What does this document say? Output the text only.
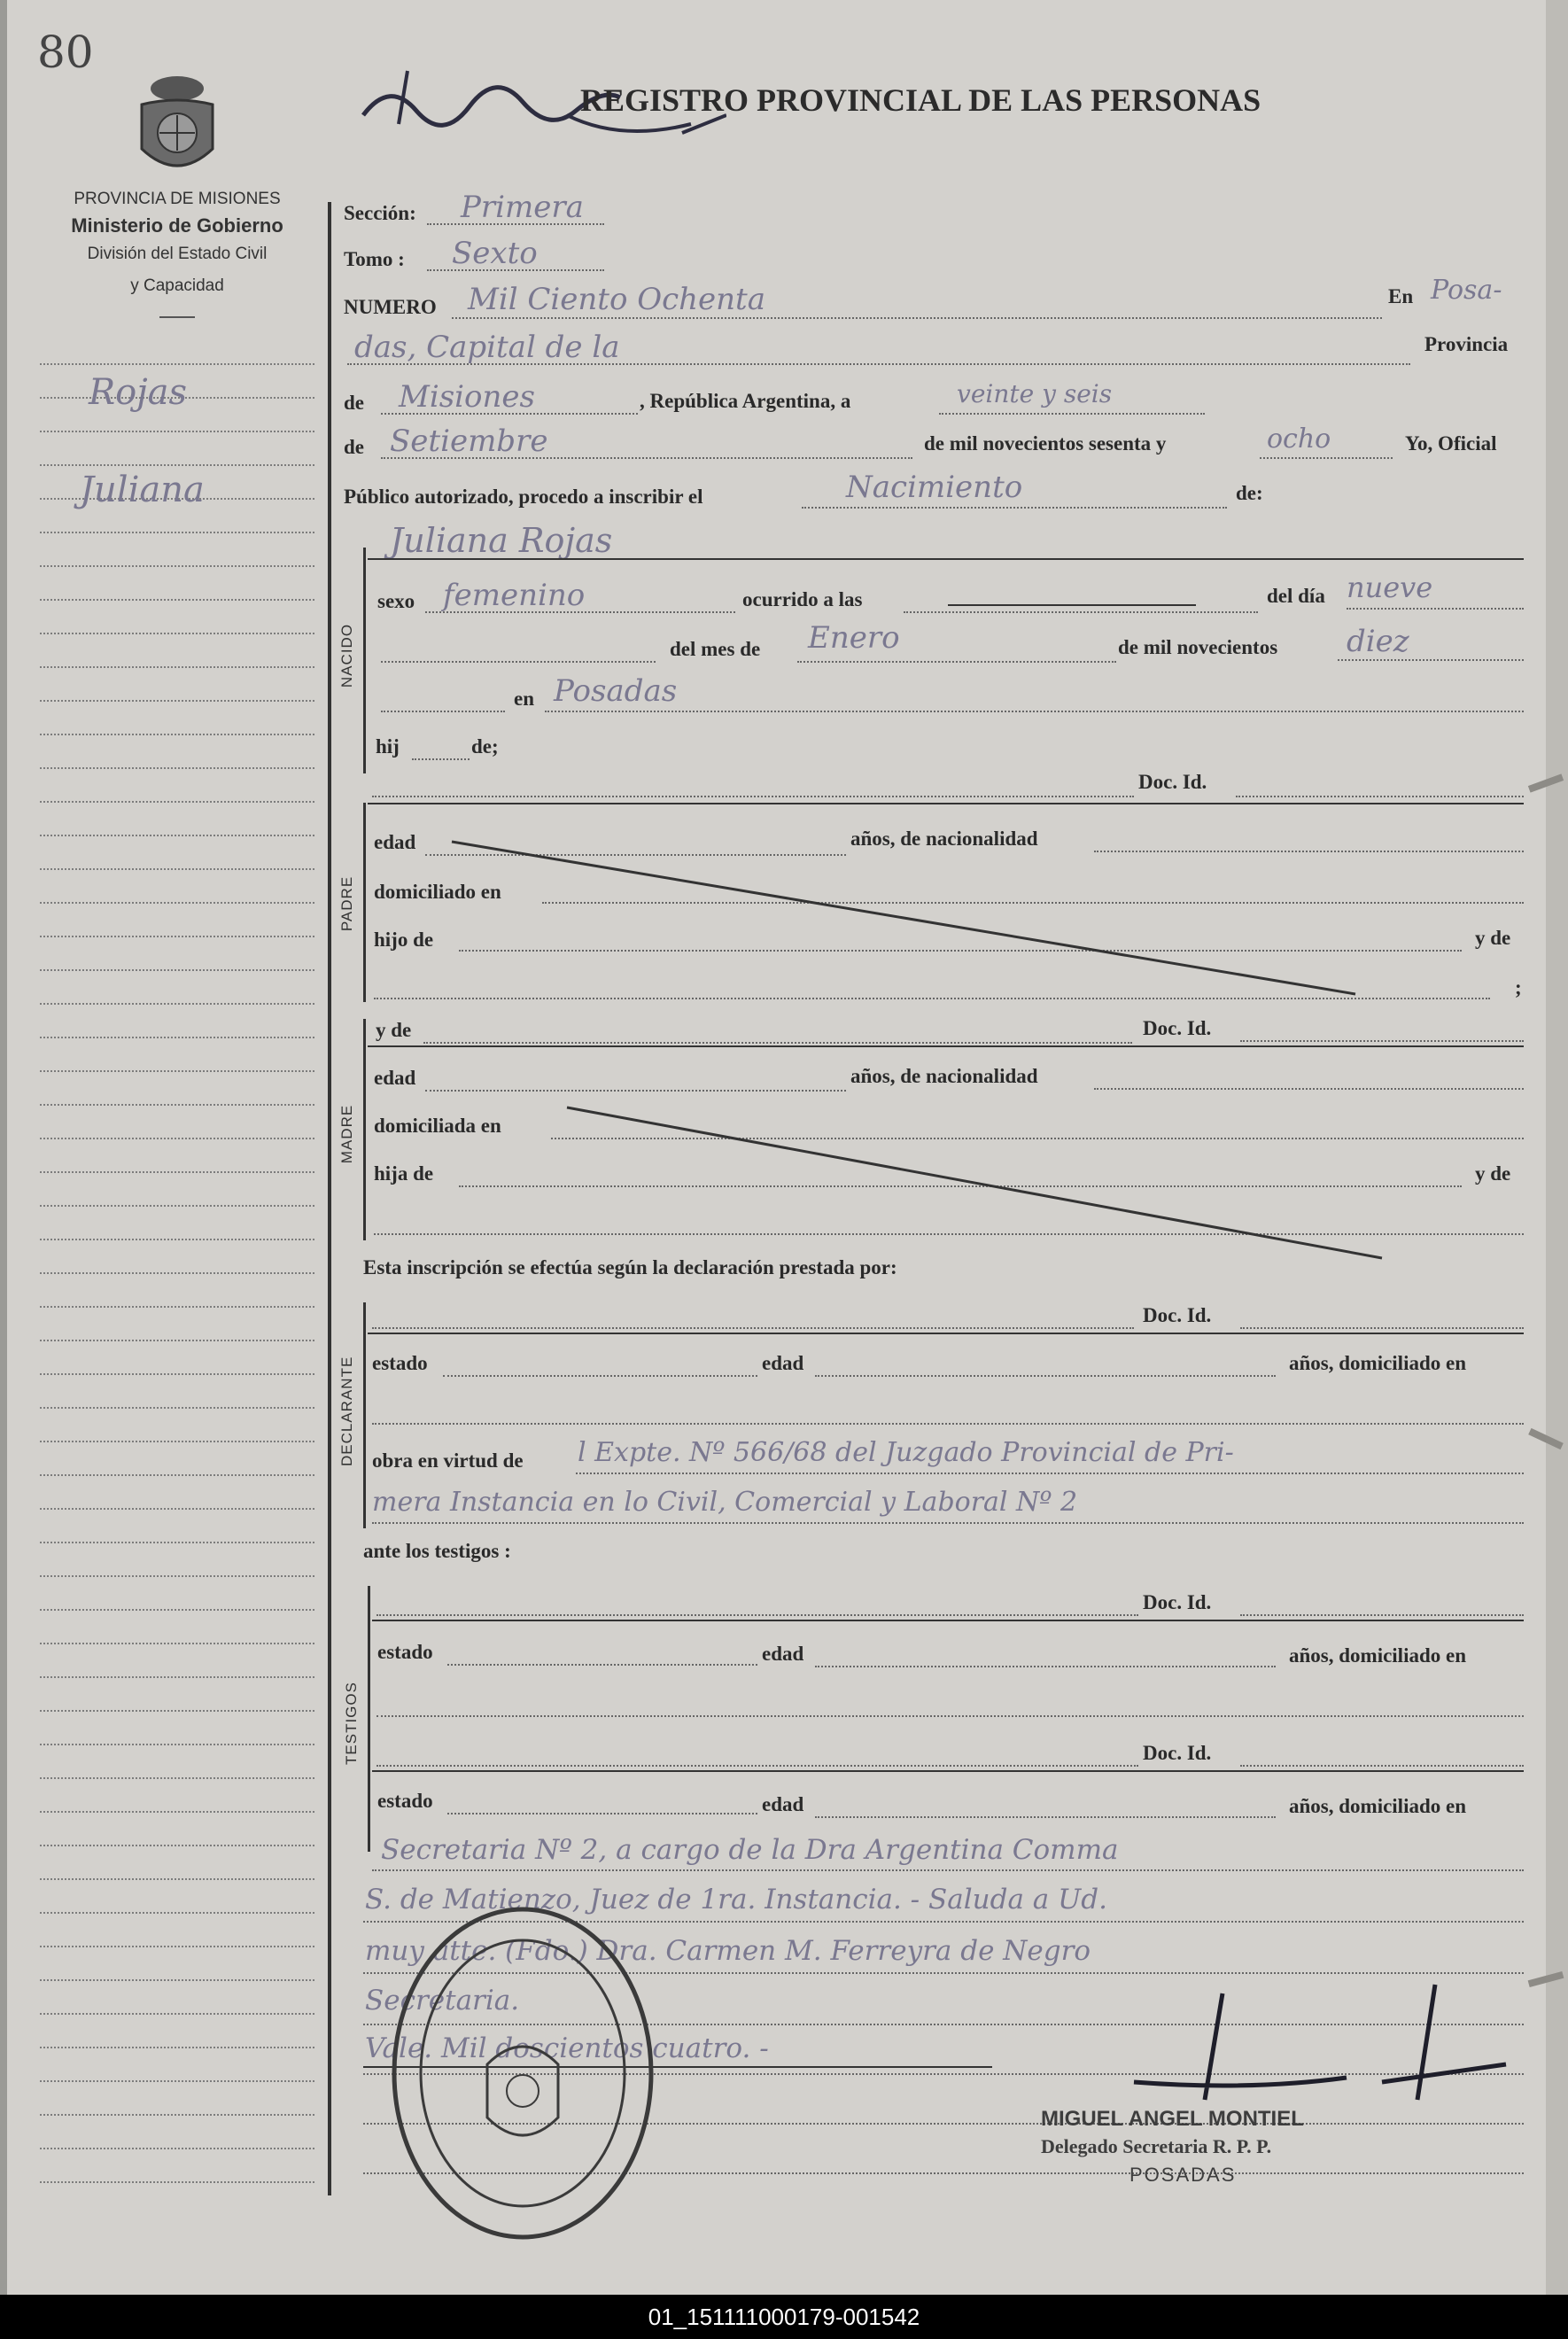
80
PROVINCIA DE MISIONES
Ministerio de Gobierno
División del Estado Civil
y Capacidad
REGISTRO PROVINCIAL DE LAS PERSONAS
Rojas
Juliana
Sección: Primera
Tomo : Sexto
NUMERO Mil Ciento Ochenta	En Posa-
das, Capital de la	Provincia
de Misiones	, República Argentina, a	veinte y seis
de Setiembre	de mil novecientos sesenta y	ocho	Yo, Oficial
Público autorizado, procedo a inscribir el	Nacimiento	de:
Juliana Rojas
NACIDO
sexo femenino	ocurrido a las	del día nueve
del mes de Enero	de mil novecientos diez
en Posadas
hij	de;
Doc. Id.
PADRE
edad	años, de nacionalidad
domiciliado en
hijo de	y de
;
y de	Doc. Id.
MADRE
edad	años, de nacionalidad
domiciliada en
hija de	y de
Esta inscripción se efectúa según la declaración prestada por:
Doc. Id.
DECLARANTE estado	edad	años, domiciliado en
obra en virtud de l Expte. Nº 566/68 del Juzgado Provincial de Pri-
mera Instancia en lo Civil, Comercial y Laboral Nº 2
ante los testigos :
Doc. Id.
TESTIGOS
estado	edad	años, domiciliado en
Doc. Id.
estado	edad	años, domiciliado en
Secretaria Nº 2, a cargo de la Dra Argentina Comma
S. de Matienzo, Juez de 1ra. Instancia. - Saluda a Ud.
muy atte. (Fdo.) Dra. Carmen M. Ferreyra de Negro
Secretaria.
Vale. Mil doscientos cuatro. -
MIGUEL ANGEL MONTIEL
Delegado Secretaria R. P. P.
POSADAS
01_151111000179-001542
